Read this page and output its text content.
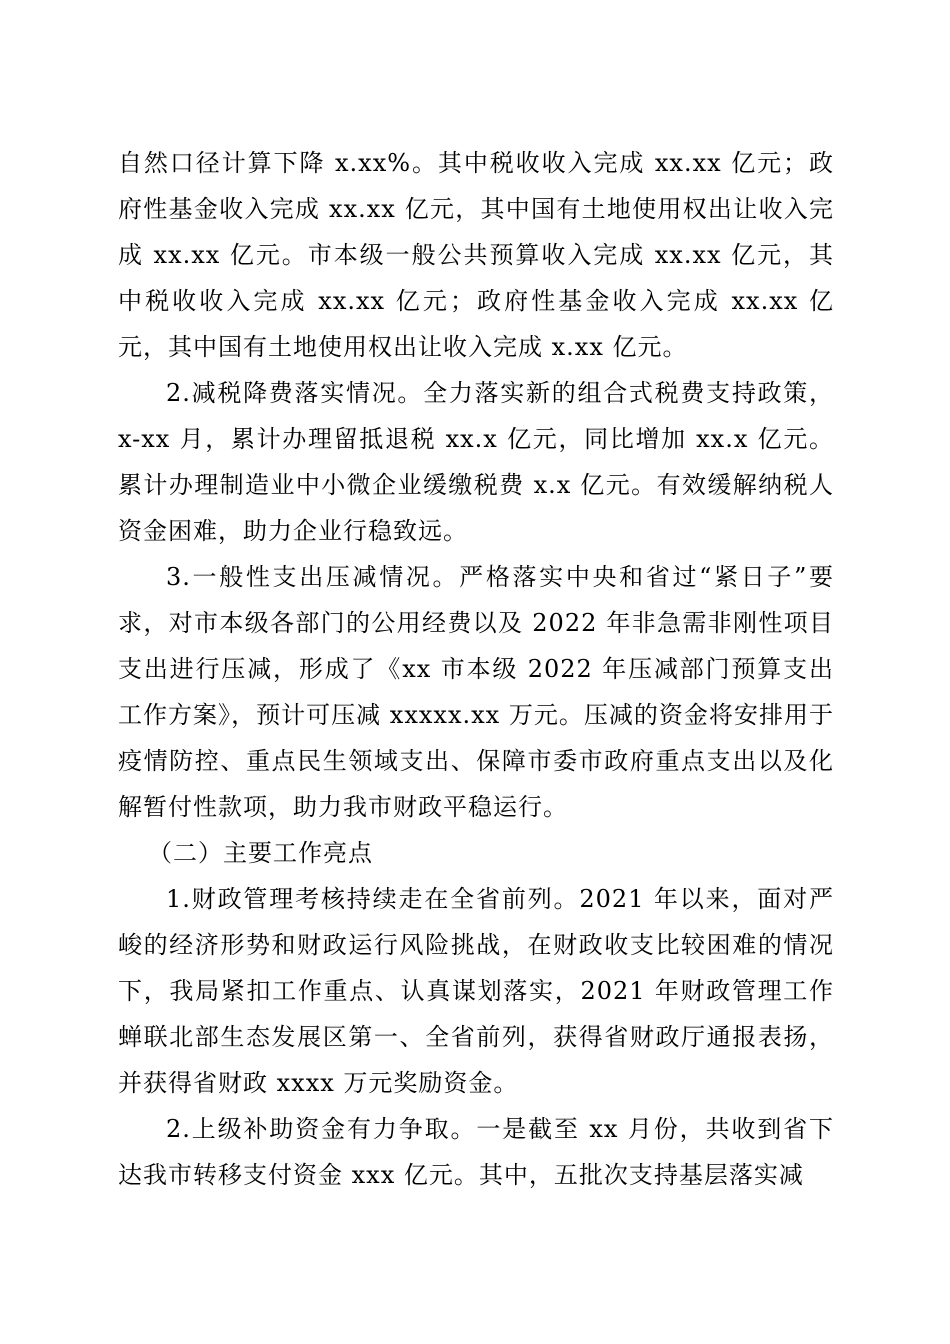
自然口径计算下降 x.xx%。其中税收收入完成 xx.xx 亿元；政府性基金收入完成 xx.xx 亿元，其中国有土地使用权出让收入完成 xx.xx 亿元。市本级一般公共预算收入完成 xx.xx 亿元，其中税收收入完成 xx.xx 亿元；政府性基金收入完成 xx.xx 亿元，其中国有土地使用权出让收入完成 x.xx 亿元。

2.减税降费落实情况。全力落实新的组合式税费支持政策，x-xx 月，累计办理留抵退税 xx.x 亿元，同比增加 xx.x 亿元。累计办理制造业中小微企业缓缴税费 x.x 亿元。有效缓解纳税人资金困难，助力企业行稳致远。

3.一般性支出压减情况。严格落实中央和省过“紧日子”要求，对市本级各部门的公用经费以及 2022 年非急需非刚性项目支出进行压减，形成了《xx 市本级 2022 年压减部门预算支出工作方案》，预计可压减 xxxxx.xx 万元。压减的资金将安排用于疫情防控、重点民生领域支出、保障市委市政府重点支出以及化解暂付性款项，助力我市财政平稳运行。

（二）主要工作亮点

1.财政管理考核持续走在全省前列。2021 年以来，面对严峻的经济形势和财政运行风险挑战，在财政收支比较困难的情况下，我局紧扣工作重点、认真谋划落实，2021 年财政管理工作蝉联北部生态发展区第一、全省前列，获得省财政厅通报表扬，并获得省财政 xxxx 万元奖励资金。

2.上级补助资金有力争取。一是截至 xx 月份，共收到省下达我市转移支付资金 xxx 亿元。其中，五批次支持基层落实减
